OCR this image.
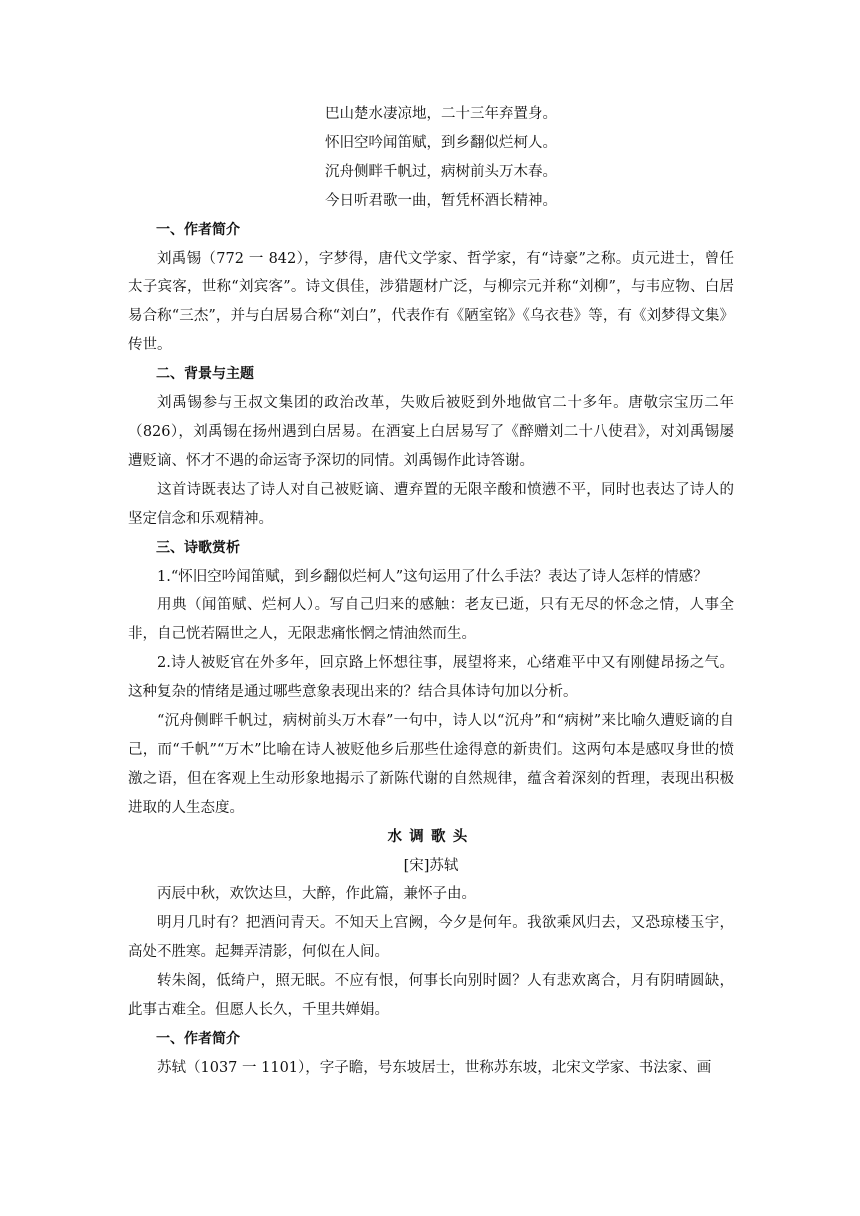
巴山楚水凄凉地，二十三年弃置身。

怀旧空吟闻笛赋，到乡翻似烂柯人。

沉舟侧畔千帆过，病树前头万木春。

今日听君歌一曲，暂凭杯酒长精神。

一、作者简介

刘禹锡（772 一 842），字梦得，唐代文学家、哲学家，有“诗豪”之称。贞元进士，曾任太子宾客，世称“刘宾客”。诗文俱佳，涉猎题材广泛，与柳宗元并称“刘柳”，与韦应物、白居易合称“三杰”，并与白居易合称“刘白”，代表作有《陋室铭》《乌衣巷》等，有《刘梦得文集》传世。

二、背景与主题

刘禹锡参与王叔文集团的政治改革，失败后被贬到外地做官二十多年。唐敬宗宝历二年（826），刘禹锡在扬州遇到白居易。在酒宴上白居易写了《醉赠刘二十八使君》，对刘禹锡屡遭贬谪、怀才不遇的命运寄予深切的同情。刘禹锡作此诗答谢。

这首诗既表达了诗人对自己被贬谪、遭弃置的无限辛酸和愤懑不平，同时也表达了诗人的坚定信念和乐观精神。

三、诗歌赏析

1.“怀旧空吟闻笛赋，到乡翻似烂柯人”这句运用了什么手法？表达了诗人怎样的情感？

用典（闻笛赋、烂柯人）。写自己归来的感触：老友已逝，只有无尽的怀念之情，人事全非，自己恍若隔世之人，无限悲痛怅惘之情油然而生。

2.诗人被贬官在外多年，回京路上怀想往事，展望将来，心绪难平中又有刚健昂扬之气。这种复杂的情绪是通过哪些意象表现出来的？结合具体诗句加以分析。

“沉舟侧畔千帆过，病树前头万木春”一句中，诗人以“沉舟”和“病树”来比喻久遭贬谪的自己，而“千帆”“万木”比喻在诗人被贬他乡后那些仕途得意的新贵们。这两句本是感叹身世的愤激之语，但在客观上生动形象地揭示了新陈代谢的自然规律，蕴含着深刻的哲理，表现出积极进取的人生态度。

水调歌头

[宋]苏轼

丙辰中秋，欢饮达旦，大醉，作此篇，兼怀子由。

明月几时有？把酒问青天。不知天上宫阙，今夕是何年。我欲乘风归去，又恐琼楼玉宇，高处不胜寒。起舞弄清影，何似在人间。

转朱阁，低绮户，照无眠。不应有恨，何事长向别时圆？人有悲欢离合，月有阴晴圆缺，此事古难全。但愿人长久，千里共婵娟。

一、作者简介

苏轼（1037 一 1101），字子瞻，号东坡居士，世称苏东坡，北宋文学家、书法家、画
